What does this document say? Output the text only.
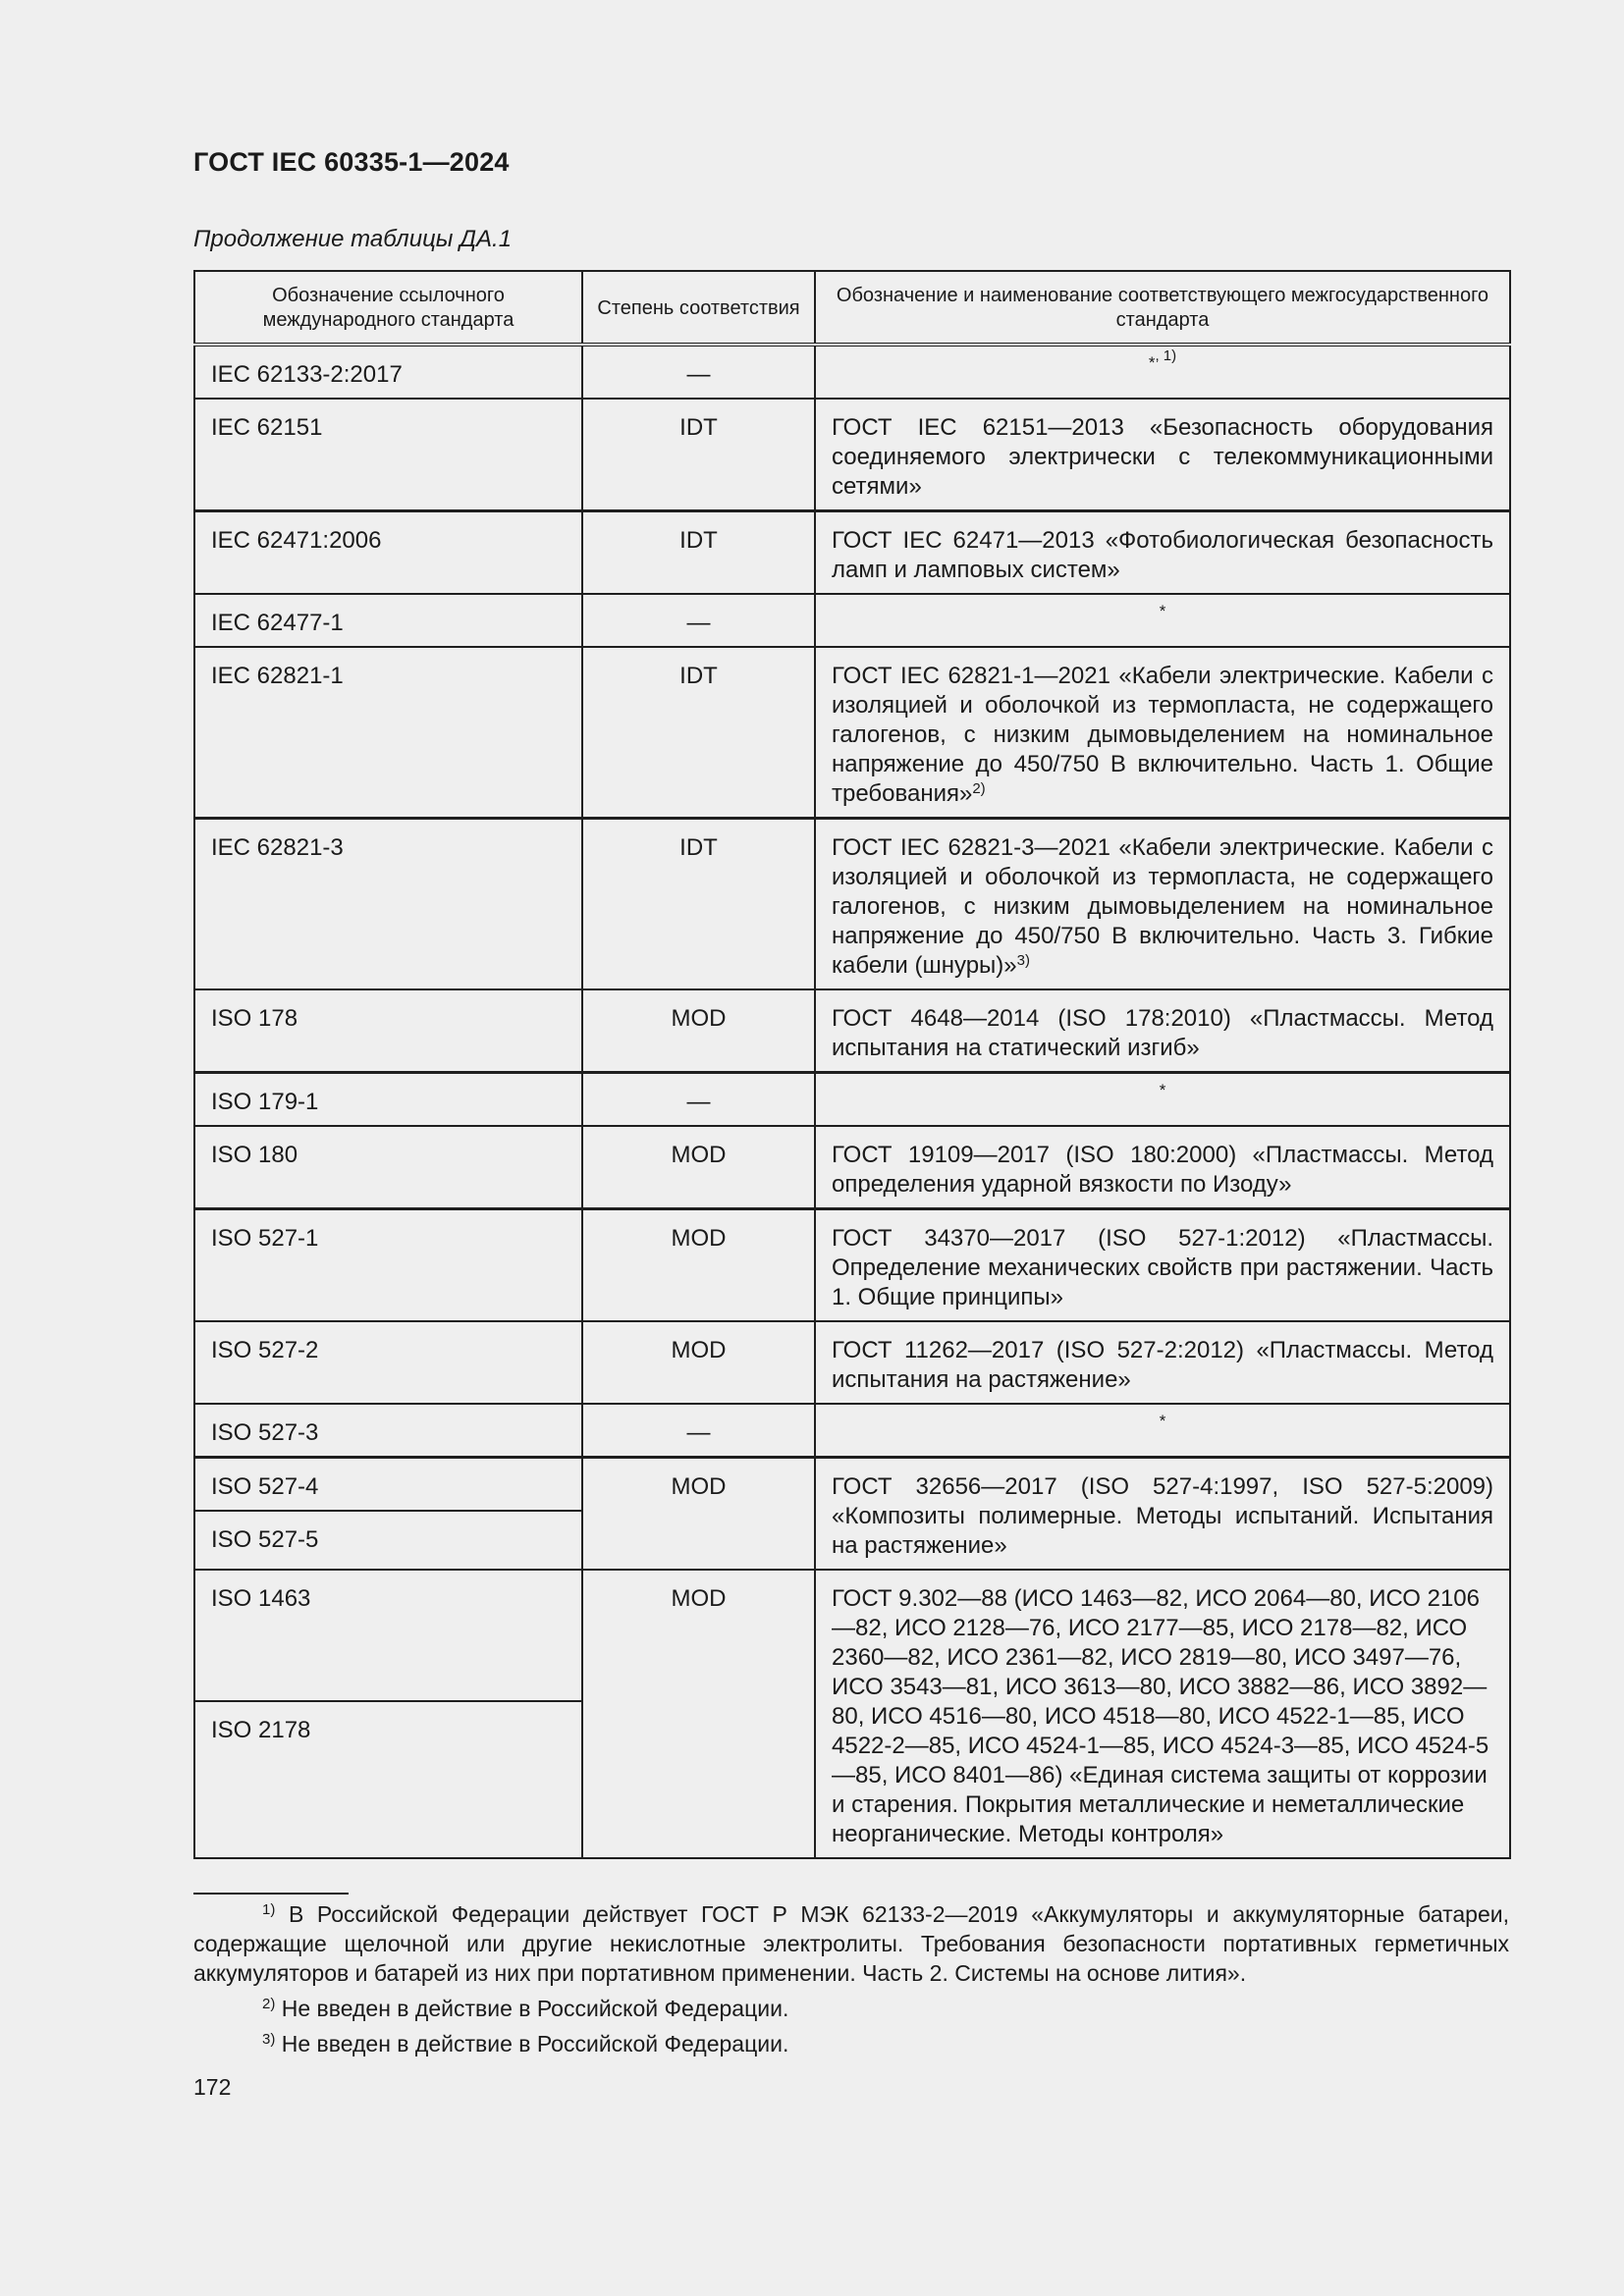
ГОСТ IEC 60335-1—2024
Продолжение таблицы ДА.1
Обозначение ссылочного международного стандарта	Степень соответствия	Обозначение и наименование соответствующего межгосударственного стандарта
IEC 62133-2:2017	—	*$^{, 1)}$
IEC 62151	IDT	ГОСТ IEC 62151—2013 «Безопасность оборудования соединяемого электрически с телекоммуникационными сетями»
IEC 62471:2006	IDT	ГОСТ IEC 62471—2013 «Фотобиологическая безопасность ламп и ламповых систем»
IEC 62477-1	—	*
IEC 62821-1	IDT	ГОСТ IEC 62821-1—2021 «Кабели электрические. Кабели с изоляцией и оболочкой из термопласта, не содержащего галогенов, с низким дымовыделением на номинальное напряжение до 450/750 В включительно. Часть 1. Общие требования»$^{2)}$
IEC 62821-3	IDT	ГОСТ IEC 62821-3—2021 «Кабели электрические. Кабели с изоляцией и оболочкой из термопласта, не содержащего галогенов, с низким дымовыделением на номинальное напряжение до 450/750 В включительно. Часть 3. Гибкие кабели (шнуры)»$^{3)}$
ISO 178	MOD	ГОСТ 4648—2014 (ISO 178:2010) «Пластмассы. Метод испытания на статический изгиб»
ISO 179-1	—	*
ISO 180	MOD	ГОСТ 19109—2017 (ISO 180:2000) «Пластмассы. Метод определения ударной вязкости по Изоду»
ISO 527-1	MOD	ГОСТ 34370—2017 (ISO 527-1:2012) «Пластмассы. Определение механических свойств при растяжении. Часть 1. Общие принципы»
ISO 527-2	MOD	ГОСТ 11262—2017 (ISO 527-2:2012) «Пластмассы. Метод испытания на растяжение»
ISO 527-3	—	*
ISO 527-4	MOD	ГОСТ 32656—2017 (ISO 527-4:1997, ISO 527-5:2009) «Композиты полимерные. Методы испытаний. Испытания на растяжение»
ISO 527-5		
ISO 1463	MOD	ГОСТ 9.302—88 (ИСО 1463—82, ИСО 2064—80, ИСО 2106—82, ИСО 2128—76, ИСО 2177—85, ИСО 2178—82, ИСО 2360—82, ИСО 2361—82, ИСО 2819—80, ИСО 3497—76, ИСО 3543—81, ИСО 3613—80, ИСО 3882—86, ИСО 3892—80, ИСО 4516—80, ИСО 4518—80, ИСО 4522-1—85, ИСО 4522-2—85, ИСО 4524-1—85, ИСО 4524-3—85, ИСО 4524-5—85, ИСО 8401—86) «Единая система защиты от коррозии и старения. Покрытия металлические и неметаллические неорганические. Методы контроля»
ISO 2178		

$^{1)}$ В Российской Федерации действует ГОСТ Р МЭК 62133-2—2019 «Аккумуляторы и аккумуляторные батареи, содержащие щелочной или другие некислотные электролиты. Требования безопасности портативных герметичных аккумуляторов и батарей из них при портативном применении. Часть 2. Системы на основе лития».

$^{2)}$ Не введен в действие в Российской Федерации.

$^{3)}$ Не введен в действие в Российской Федерации.

172
